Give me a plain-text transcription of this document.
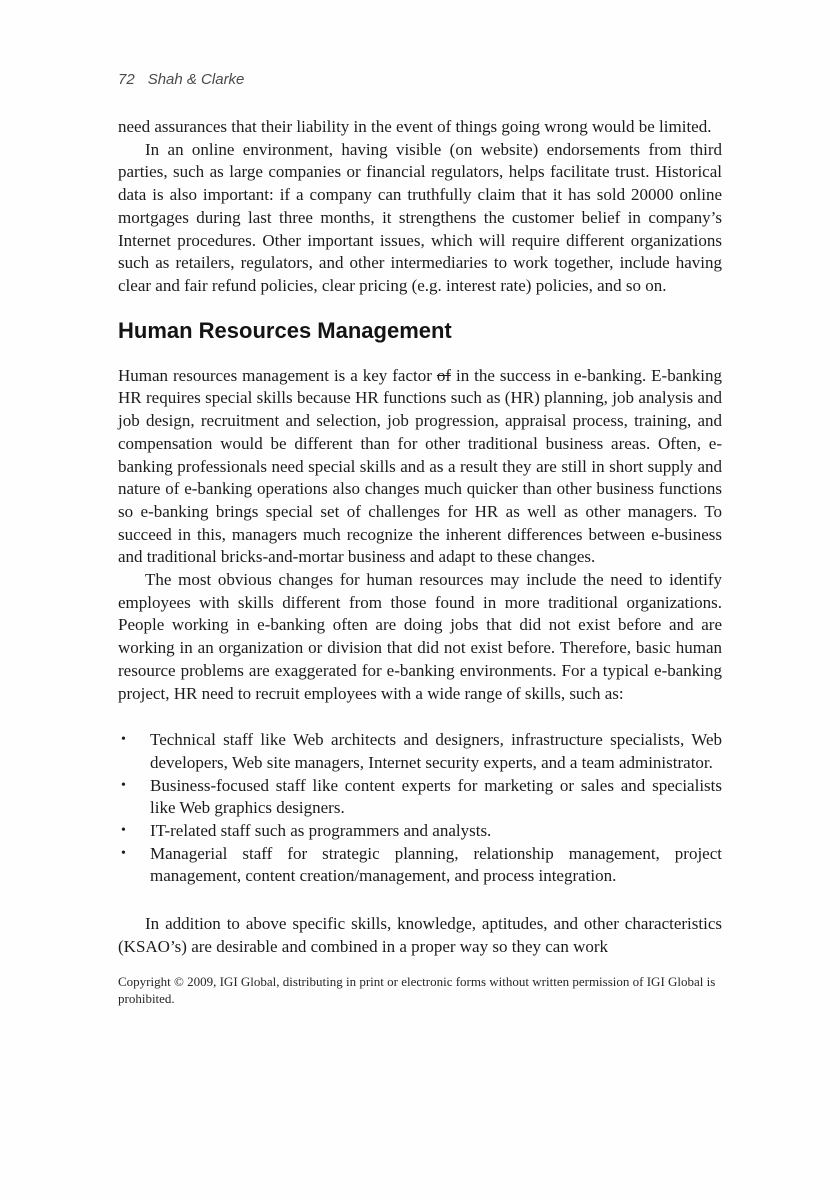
72 Shah & Clarke

need assurances that their liability in the event of things going wrong would be limited.

In an online environment, having visible (on website) endorsements from third parties, such as large companies or financial regulators, helps facilitate trust. Historical data is also important: if a company can truthfully claim that it has sold 20000 online mortgages during last three months, it strengthens the customer belief in company’s Internet procedures. Other important issues, which will require different organizations such as retailers, regulators, and other intermediaries to work together, include having clear and fair refund policies, clear pricing (e.g. interest rate) policies, and so on.

Human Resources Management

Human resources management is a key factor of in the success in e-banking. E-banking HR requires special skills because HR functions such as (HR) planning, job analysis and job design, recruitment and selection, job progression, appraisal process, training, and compensation would be different than for other traditional business areas. Often, e-banking professionals need special skills and as a result they are still in short supply and nature of e-banking operations also changes much quicker than other business functions so e-banking brings special set of challenges for HR as well as other managers. To succeed in this, managers much recognize the inherent differences between e-business and traditional bricks-and-mortar business and adapt to these changes.

The most obvious changes for human resources may include the need to identify employees with skills different from those found in more traditional organizations. People working in e-banking often are doing jobs that did not exist before and are working in an organization or division that did not exist before. Therefore, basic human resource problems are exaggerated for e-banking environments. For a typical e-banking project, HR need to recruit employees with a wide range of skills, such as:

•	Technical staff like Web architects and designers, infrastructure specialists, Web developers, Web site managers, Internet security experts, and a team administrator.
•	Business-focused staff like content experts for marketing or sales and specialists like Web graphics designers.
•	IT-related staff such as programmers and analysts.
•	Managerial staff for strategic planning, relationship management, project management, content creation/management, and process integration.

In addition to above specific skills, knowledge, aptitudes, and other characteristics (KSAO’s) are desirable and combined in a proper way so they can work

Copyright © 2009, IGI Global, distributing in print or electronic forms without written permission of IGI Global is prohibited.
